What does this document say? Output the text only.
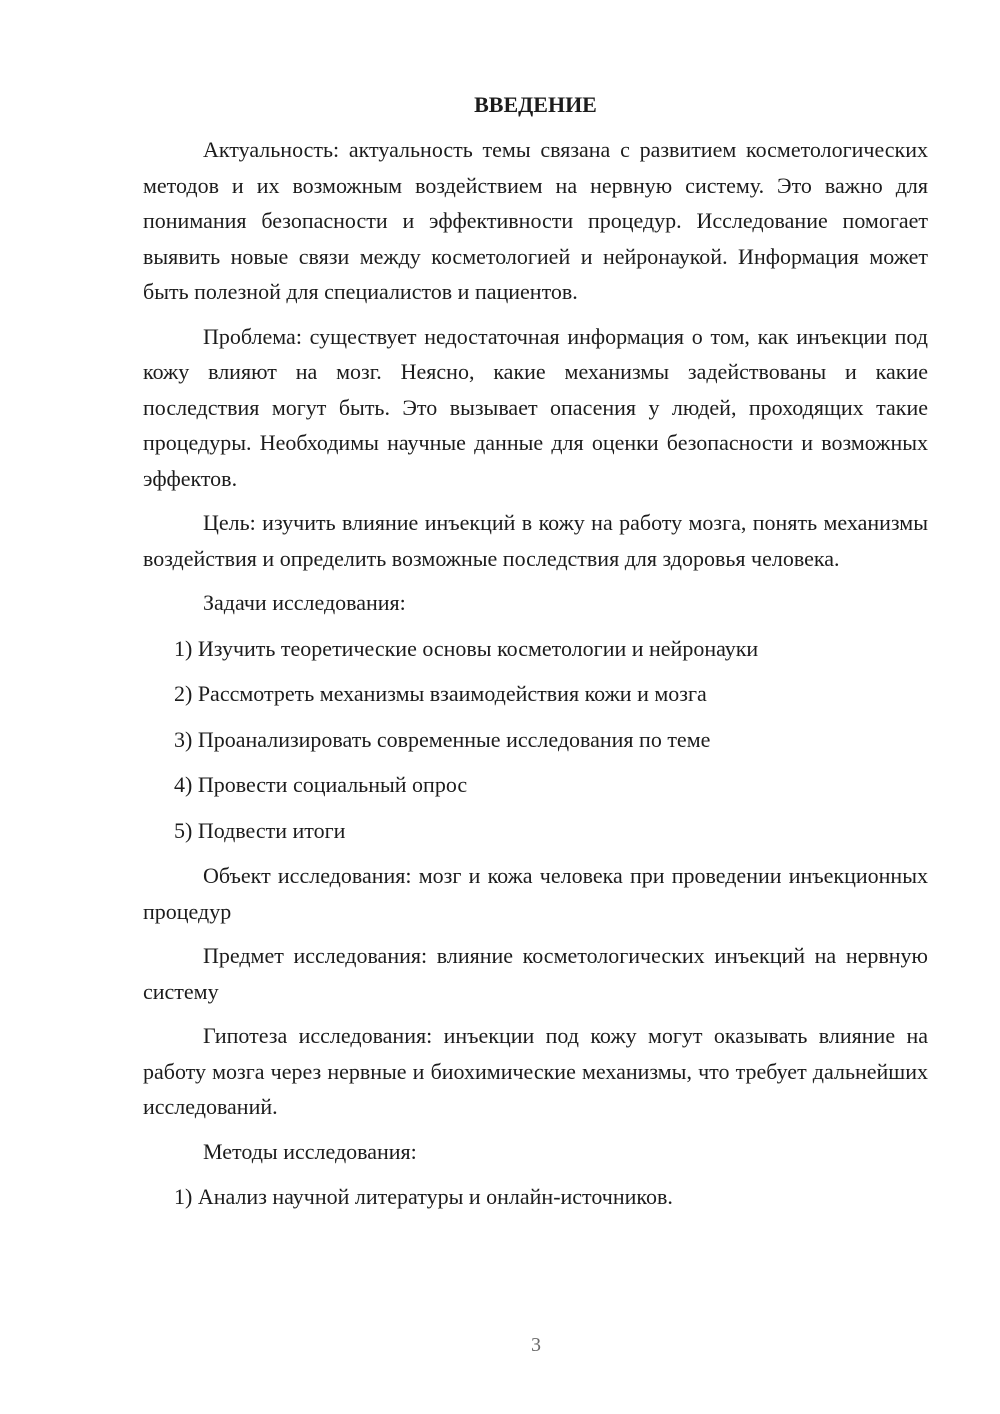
ВВЕДЕНИЕ

Актуальность: актуальность темы связана с развитием косметологических методов и их возможным воздействием на нервную систему. Это важно для понимания безопасности и эффективности процедур. Исследование помогает выявить новые связи между косметологией и нейронаукой. Информация может быть полезной для специалистов и пациентов.

Проблема: существует недостаточная информация о том, как инъекции под кожу влияют на мозг. Неясно, какие механизмы задействованы и какие последствия могут быть. Это вызывает опасения у людей, проходящих такие процедуры. Необходимы научные данные для оценки безопасности и возможных эффектов.

Цель: изучить влияние инъекций в кожу на работу мозга, понять механизмы воздействия и определить возможные последствия для здоровья человека.

Задачи исследования:

1) Изучить теоретические основы косметологии и нейронауки

2) Рассмотреть механизмы взаимодействия кожи и мозга

3) Проанализировать современные исследования по теме

4) Провести социальный опрос

5) Подвести итоги

Объект исследования: мозг и кожа человека при проведении инъекционных процедур

Предмет исследования: влияние косметологических инъекций на нервную систему

Гипотеза исследования: инъекции под кожу могут оказывать влияние на работу мозга через нервные и биохимические механизмы, что требует дальнейших исследований.

Методы исследования:

1) Анализ научной литературы и онлайн-источников.

3
